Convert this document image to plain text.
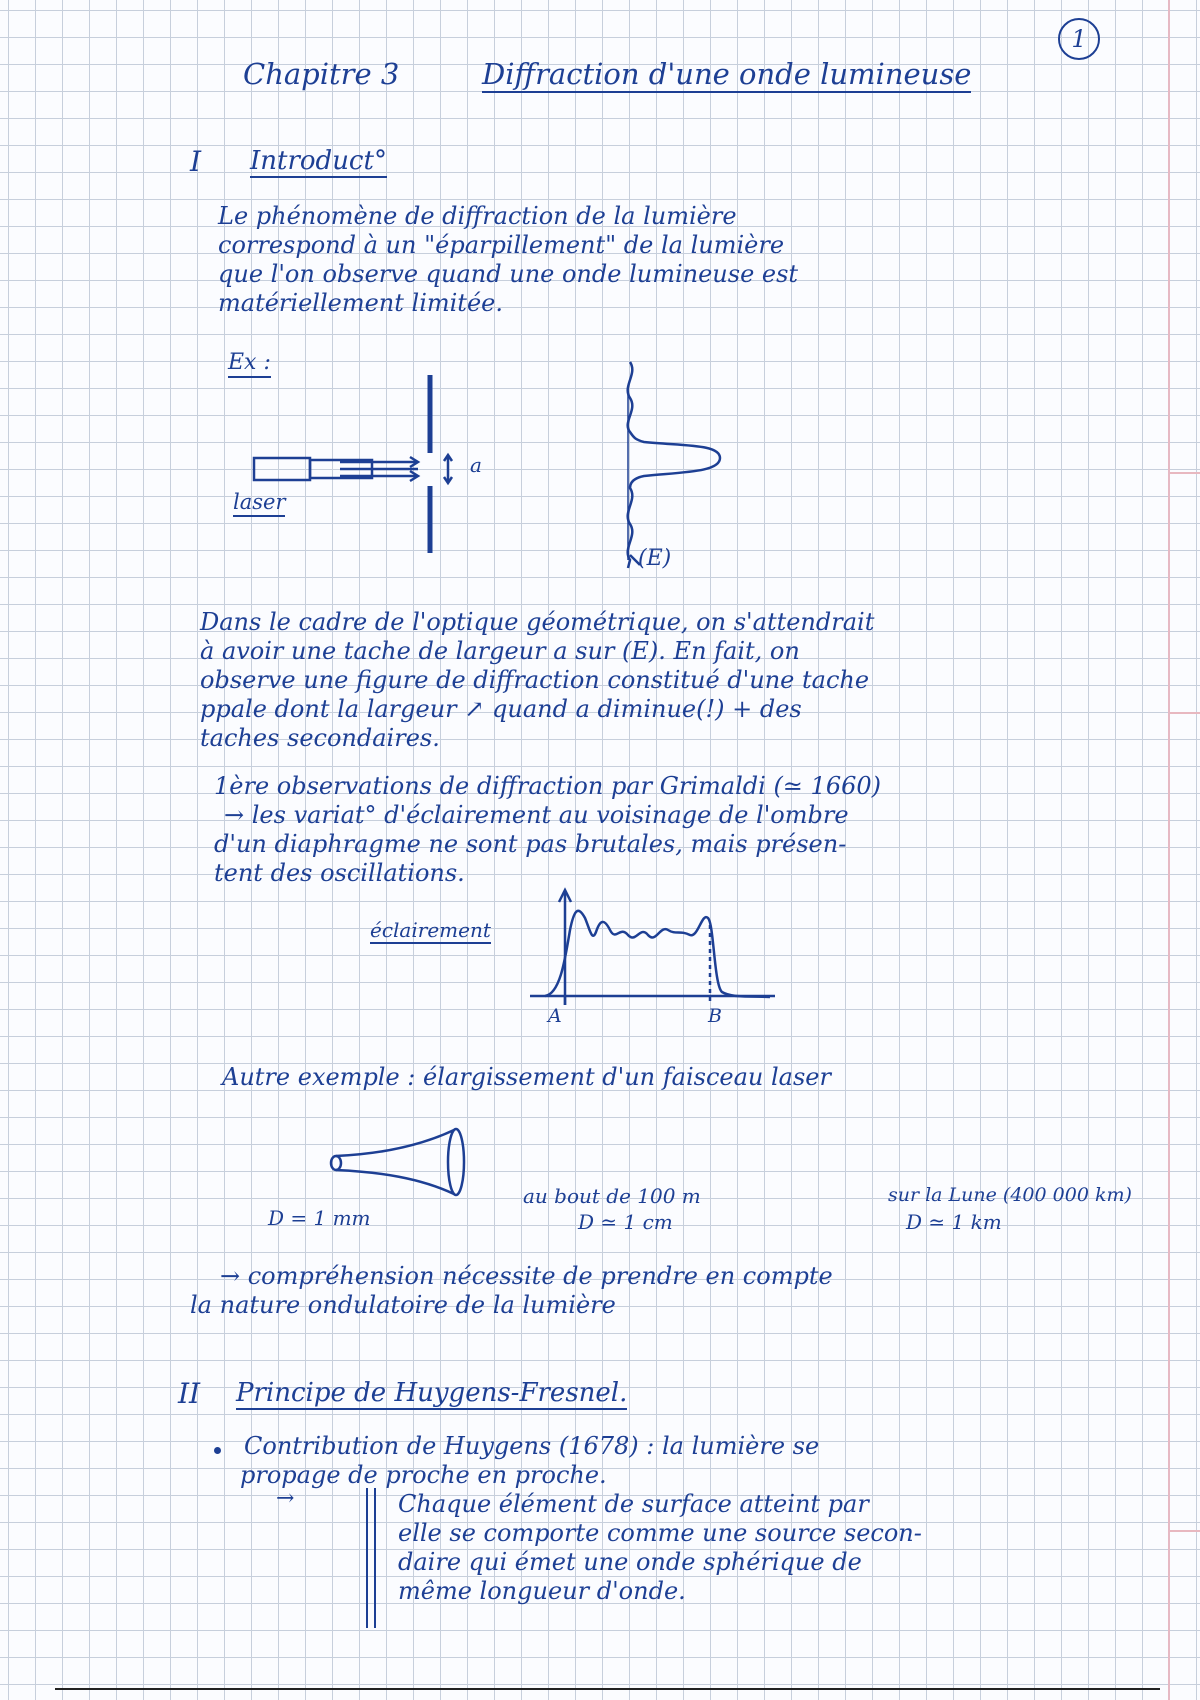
Chapitre 3	Diffraction d'une onde lumineuse
1
I Introduct°
Le phénomène de diffraction de la lumière
correspond à un "éparpillement" de la lumière
que l'on observe quand une onde lumineuse est
matériellement limitée.
Ex :
a
laser
(E)
Dans le cadre de l'optique géométrique, on s'attendrait
à avoir une tache de largeur a sur (E). En fait, on
observe une figure de diffraction constitué d'une tache
ppale dont la largeur ↗ quand a diminue(!) + des
taches secondaires.
1ère observations de diffraction par Grimaldi (≃ 1660)
→ les variat° d'éclairement au voisinage de l'ombre
d'un diaphragme ne sont pas brutales, mais présen-
tent des oscillations.
A	B
éclairement
Autre exemple : élargissement d'un faisceau laser
D = 1 mm
au bout de 100 m
D ≃ 1 cm
sur la Lune (400 000 km)
D ≃ 1 km
→ compréhension nécessite de prendre en compte
la nature ondulatoire de la lumière
II Principe de Huygens-Fresnel.
Contribution de Huygens (1678) : la lumière se
propage de proche en proche.
→	Chaque élément de surface atteint par
elle se comporte comme une source secon-
daire qui émet une onde sphérique de
même longueur d'onde.
